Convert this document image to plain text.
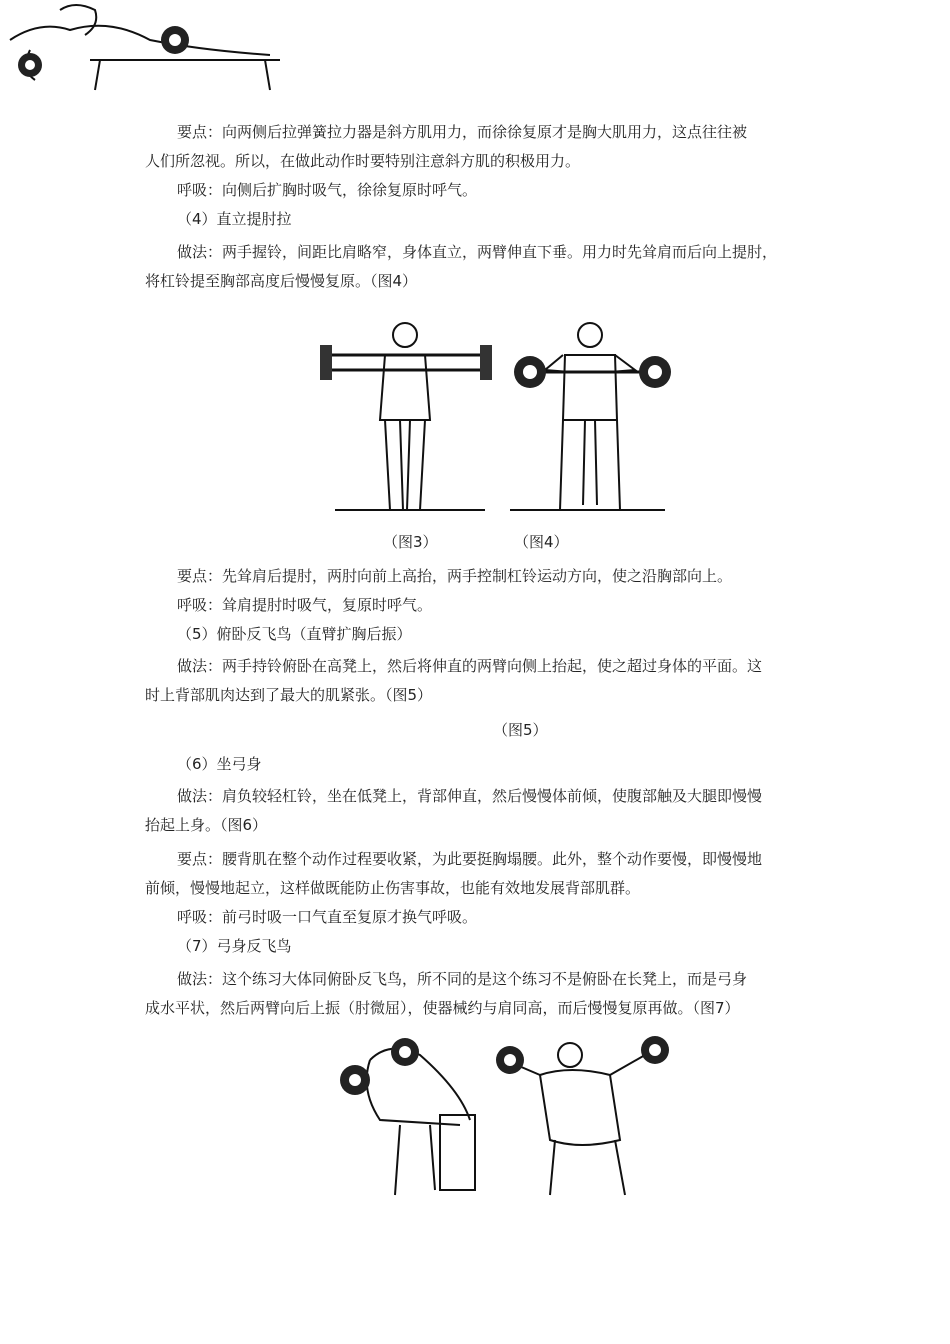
要点：向两侧后拉弹簧拉力器是斜方肌用力，而徐徐复原才是胸大肌用力，这点往往被
人们所忽视。所以，在做此动作时要特别注意斜方肌的积极用力。
呼吸：向侧后扩胸时吸气，徐徐复原时呼气。
（4）直立提肘拉
做法：两手握铃，间距比肩略窄，身体直立，两臂伸直下垂。用力时先耸肩而后向上提肘，
将杠铃提至胸部高度后慢慢复原。（图4）
（图3）	（图4）
要点：先耸肩后提肘，两肘向前上高抬，两手控制杠铃运动方向，使之沿胸部向上。
呼吸：耸肩提肘时吸气，复原时呼气。
（5）俯卧反飞鸟（直臂扩胸后振）
做法：两手持铃俯卧在高凳上，然后将伸直的两臂向侧上抬起，使之超过身体的平面。这
时上背部肌肉达到了最大的肌紧张。（图5）
（图5）
（6）坐弓身
做法：肩负较轻杠铃，坐在低凳上，背部伸直，然后慢慢体前倾，使腹部触及大腿即慢慢
抬起上身。（图6）
要点：腰背肌在整个动作过程要收紧，为此要挺胸塌腰。此外，整个动作要慢，即慢慢地
前倾，慢慢地起立，这样做既能防止伤害事故，也能有效地发展背部肌群。
呼吸：前弓时吸一口气直至复原才换气呼吸。
（7）弓身反飞鸟
做法：这个练习大体同俯卧反飞鸟，所不同的是这个练习不是俯卧在长凳上，而是弓身
成水平状，然后两臂向后上振（肘微屈），使器械约与肩同高，而后慢慢复原再做。（图7）
